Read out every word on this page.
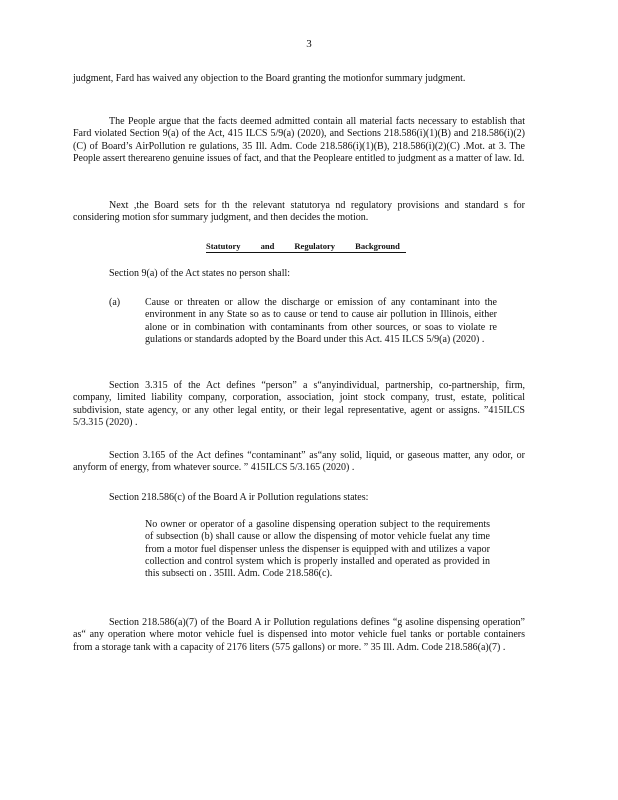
3

judgment, Fard has waived any objection to the Board granting the motionfor summary judgment.

The People argue that the facts deemed admitted contain all material facts necessary to establish that Fard violated Section 9(a) of the Act, 415 ILCS 5/9(a) (2020), and Sections 218.586(i)(1)(B) and 218.586(i)(2)(C) of Board’s AirPollution re gulations, 35 Ill. Adm. Code 218.586(i)(1)(B), 218.586(i)(2)(C) .Mot. at 3. The People assert thereareno genuine issues of fact, and that the Peopleare entitled to judgment as a matter of law. Id.

Next ,the Board sets for th the relevant statutorya nd regulatory provisions and standard s for considering motion sfor summary judgment, and then decides the motion.

Statutory and Regulatory Background

Section 9(a) of the Act states no person shall:

(a) Cause or threaten or allow the discharge or emission of any contaminant into the environment in any State so as to cause or tend to cause air pollution in Illinois, either alone or in combination with contaminants from other sources, or soas to violate re gulations or standards adopted by the Board under this Act. 415 ILCS 5/9(a) (2020) .

Section 3.315 of the Act defines “person” a s“anyindividual, partnership, co-partnership, firm, company, limited liability company, corporation, association, joint stock company, trust, estate, political subdivision, state agency, or any other legal entity, or their legal representative, agent or assigns. ”415ILCS 5/3.315 (2020) .

Section 3.165 of the Act defines “contaminant” as“any solid, liquid, or gaseous matter, any odor, or anyform of energy, from whatever source. ” 415ILCS 5/3.165 (2020) .

Section 218.586(c) of the Board A ir Pollution regulations states:

No owner or operator of a gasoline dispensing operation subject to the requirements of subsection (b) shall cause or allow the dispensing of motor vehicle fuelat any time from a motor fuel dispenser unless the dispenser is equipped with and utilizes a vapor collection and control system which is properly installed and operated as provided in this subsecti on . 35Ill. Adm. Code 218.586(c).

Section 218.586(a)(7) of the Board A ir Pollution regulations defines “g asoline dispensing operation” as“ any operation where motor vehicle fuel is dispensed into motor vehicle fuel tanks or portable containers from a storage tank with a capacity of 2176 liters (575 gallons) or more. ” 35 Ill. Adm. Code 218.586(a)(7) .
